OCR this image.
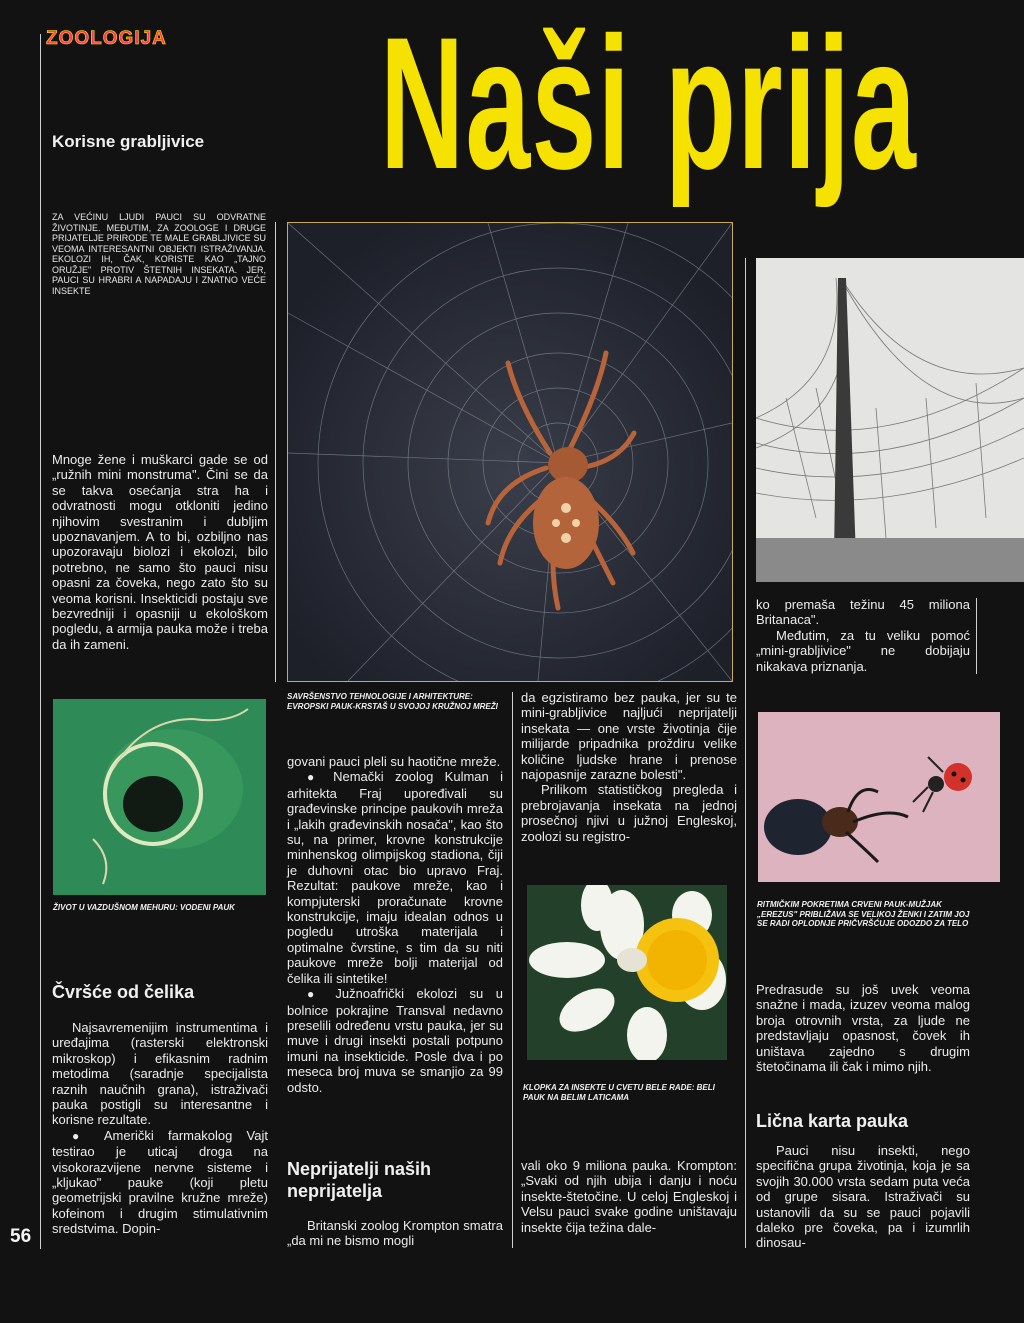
ZOOLOGIJA Naši prija
Korisne grabljivice
ZA VEĆINU LJUDI PAUCI SU ODVRATNE ŽIVOTINJE. MEĐUTIM, ZA ZOOLOGE I DRUGE PRIJATELJE PRIRODE TE MALE GRABLJIVICE SU VEOMA INTERESANTNI OBJEKTI ISTRAŽIVANJA. EKOLOZI IH, ČAK, KORISTE KAO „TAJNO ORUŽJE" PROTIV ŠTETNIH INSEKATA. JER, PAUCI SU HRABRI A NAPADAJU I ZNATNO VEĆE INSEKTE
SAVRŠENSTVO TEHNOLOGIJE I ARHITEKTURE: EVROPSKI PAUK-KRSTAŠ U SVOJOJ KRUŽNOJ MREŽI

Mnoge žene i muškarci gade se od „ružnih mini monstruma". Čini se da se takva osećanja stra ha i odvratnosti mogu otkloniti jedino njihovim svestranim i dubljim upoznavanjem. A to bi, ozbiljno nas upozoravaju biolozi i ekolozi, bilo potrebno, ne samo što pauci nisu opasni za čoveka, nego zato što su veoma korisni. Insekticidi postaju sve bezvredniji i opasniji u ekološkom pogledu, a armija pauka može i treba da ih zameni.

ŽIVOT U VAZDUŠNOM MEHURU: VODENI PAUK
Čvršće od čelika

Najsavremenijim instrumentima i uređajima (rasterski elektronski mikroskop) i efikasnim radnim metodima (saradnje specijalista raznih naučnih grana), istraživači pauka postigli su interesantne i korisne rezultate.

● Američki farmakolog Vajt testirao je uticaj droga na visokorazvijene nervne sisteme i „kljukao" pauke (koji pletu geometrijski pravilne kružne mreže) kofeinom i drugim stimulativnim sredstvima. Dopin-

56

govani pauci pleli su haotične mreže.

● Nemački zoolog Kulman i arhitekta Fraj upoređivali su građevinske principe paukovih mreža i „lakih građevinskih nosača", kao što su, na primer, krovne konstrukcije minhenskog olimpijskog stadiona, čiji je duhovni otac bio upravo Fraj. Rezultat: paukove mreže, kao i kompjuterski proračunate krovne konstrukcije, imaju idealan odnos u pogledu utroška materijala i optimalne čvrstine, s tim da su niti paukove mreže bolji materijal od čelika ili sintetike!

● Južnoafrički ekolozi su u bolnice pokrajine Transval nedavno preselili određenu vrstu pauka, jer su muve i drugi insekti postali potpuno imuni na insekticide. Posle dva i po meseca broj muva se smanjio za 99 odsto.

Neprijatelji naših neprijatelja

Britanski zoolog Krompton smatra „da mi ne bismo mogli

da egzistiramo bez pauka, jer su te mini-grabljivice najljući neprijatelji insekata — one vrste životinja čije milijarde pripadnika proždiru velike količine ljudske hrane i prenose najopasnije zarazne bolesti".

Prilikom statističkog pregleda i prebrojavanja insekata na jednoj prosečnoj njivi u južnoj Engleskoj, zoolozi su registro-

KLOPKA ZA INSEKTE U CVETU BELE RADE: BELI PAUK NA BELIM LATICAMA

vali oko 9 miliona pauka. Krompton: „Svaki od njih ubija i danju i noću insekte-štetočine. U celoj Engleskoj i Velsu pauci svake godine uništavaju insekte čija težina dale-

ko premaša težinu 45 miliona Britanaca".

Međutim, za tu veliku pomoć „mini-grabljivice" ne dobijaju nikakava priznanja.

RITMIČKIM POKRETIMA CRVENI PAUK-MUŽJAK „EREZUS" PRIBLIŽAVA SE VELIKOJ ŽENKI I ZATIM JOJ SE RADI OPLODNJE PRIČVRŠĆUJE ODOZDO ZA TELO

Predrasude su još uvek veoma snažne i mada, izuzev veoma malog broja otrovnih vrsta, za ljude ne predstavljaju opasnost, čovek ih uništava zajedno s drugim štetočinama ili čak i mimo njih.

Lična karta pauka

Pauci nisu insekti, nego specifična grupa životinja, koja je sa svojih 30.000 vrsta sedam puta veća od grupe sisara. Istraživači su ustanovili da su se pauci pojavili daleko pre čoveka, pa i izumrlih dinosau-
